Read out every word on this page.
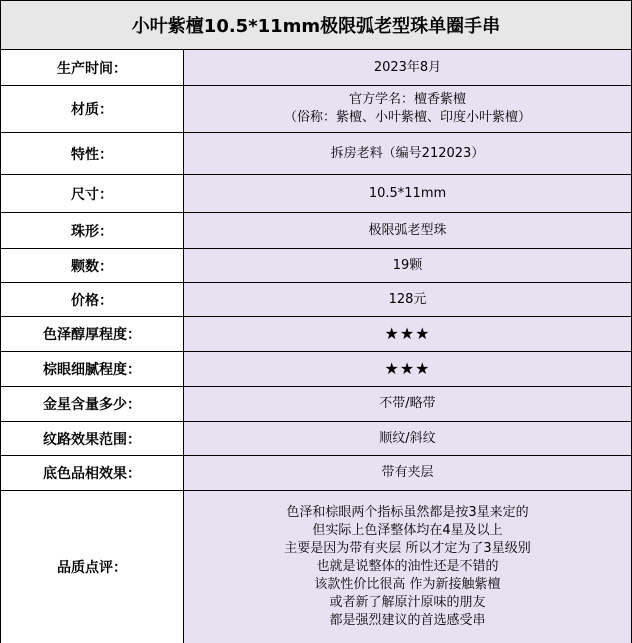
小叶紫檀10.5*11mm极限弧老型珠单圈手串
生产时间：	2023年8月
材质：
官方学名：檀香紫檀
（俗称：紫檀、小叶紫檀、印度小叶紫檀）
特性：	拆房老料（编号212023）
尺寸：	10.5*11mm
珠形：	极限弧老型珠
颗数：	19颗
价格：	128元
色泽醇厚程度：	★★★
棕眼细腻程度：	★★★
金星含量多少：	不带/略带
纹路效果范围：	顺纹/斜纹
底色品相效果：	带有夹层
品质点评：
色泽和棕眼两个指标虽然都是按3星来定的
但实际上色泽整体均在4星及以上
主要是因为带有夹层 所以才定为了3星级别
也就是说整体的油性还是不错的
该款性价比很高 作为新接触紫檀
或者新了解原汁原味的朋友
都是强烈建议的首选感受串
